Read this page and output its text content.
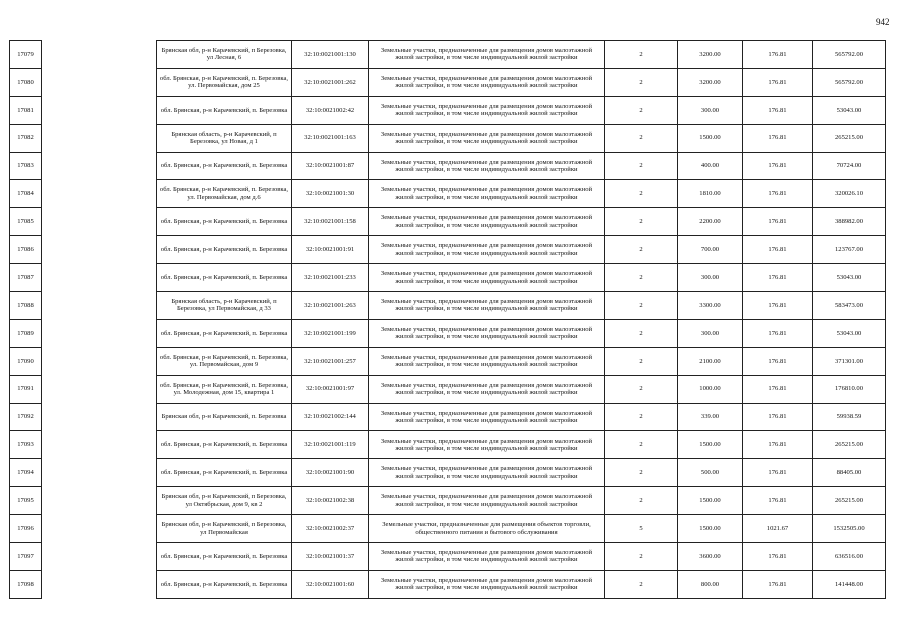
942
17079		Брянская обл, р-н Карачевский, п Березовка, ул Лесная, 6	32:10:0021001:130	Земельные участки, предназначенные для размещения домов малоэтажной жилой застройки, в том числе индивидуальной жилой застройки	2	3200.00	176.81	565792.00
17080		обл. Брянская, р-н Карачевский, п. Березовка, ул. Первомайская, дом 25	32:10:0021001:262	Земельные участки, предназначенные для размещения домов малоэтажной жилой застройки, в том числе индивидуальной жилой застройки	2	3200.00	176.81	565792.00
17081		обл. Брянская, р-н Карачевский, п. Березовка	32:10:0021002:42	Земельные участки, предназначенные для размещения домов малоэтажной жилой застройки, в том числе индивидуальной жилой застройки	2	300.00	176.81	53043.00
17082		Брянская область, р-н Карачевский, п Березовка, ул Новая, д 1	32:10:0021001:163	Земельные участки, предназначенные для размещения домов малоэтажной жилой застройки, в том числе индивидуальной жилой застройки	2	1500.00	176.81	265215.00
17083		обл. Брянская, р-н Карачевский, п. Березовка	32:10:0021001:87	Земельные участки, предназначенные для размещения домов малоэтажной жилой застройки, в том числе индивидуальной жилой застройки	2	400.00	176.81	70724.00
17084		обл. Брянская, р-н Карачевский, п. Березовка, ул. Первомайская, дом д.6	32:10:0021001:30	Земельные участки, предназначенные для размещения домов малоэтажной жилой застройки, в том числе индивидуальной жилой застройки	2	1810.00	176.81	320026.10
17085		обл. Брянская, р-н Карачевский, п. Березовка	32:10:0021001:158	Земельные участки, предназначенные для размещения домов малоэтажной жилой застройки, в том числе индивидуальной жилой застройки	2	2200.00	176.81	388982.00
17086		обл. Брянская, р-н Карачевский, п. Березовка	32:10:0021001:91	Земельные участки, предназначенные для размещения домов малоэтажной жилой застройки, в том числе индивидуальной жилой застройки	2	700.00	176.81	123767.00
17087		обл. Брянская, р-н Карачевский, п. Березовка	32:10:0021001:233	Земельные участки, предназначенные для размещения домов малоэтажной жилой застройки, в том числе индивидуальной жилой застройки	2	300.00	176.81	53043.00
17088		Брянская область, р-н Карачевский, п Березовка, ул Первомайская, д 33	32:10:0021001:263	Земельные участки, предназначенные для размещения домов малоэтажной жилой застройки, в том числе индивидуальной жилой застройки	2	3300.00	176.81	583473.00
17089		обл. Брянская, р-н Карачевский, п. Березовка	32:10:0021001:199	Земельные участки, предназначенные для размещения домов малоэтажной жилой застройки, в том числе индивидуальной жилой застройки	2	300.00	176.81	53043.00
17090		обл. Брянская, р-н Карачевский, п. Березовка, ул. Первомайская, дом 9	32:10:0021001:257	Земельные участки, предназначенные для размещения домов малоэтажной жилой застройки, в том числе индивидуальной жилой застройки	2	2100.00	176.81	371301.00
17091		обл. Брянская, р-н Карачевский, п. Березовка, ул. Молодежная, дом 15, квартира 1	32:10:0021001:97	Земельные участки, предназначенные для размещения домов малоэтажной жилой застройки, в том числе индивидуальной жилой застройки	2	1000.00	176.81	176810.00
17092		Брянская обл, р-н Карачевский, п. Березовка	32:10:0021002:144	Земельные участки, предназначенные для размещения домов малоэтажной жилой застройки, в том числе индивидуальной жилой застройки	2	339.00	176.81	59938.59
17093		обл. Брянская, р-н Карачевский, п. Березовка	32:10:0021001:119	Земельные участки, предназначенные для размещения домов малоэтажной жилой застройки, в том числе индивидуальной жилой застройки	2	1500.00	176.81	265215.00
17094		обл. Брянская, р-н Карачевский, п. Березовка	32:10:0021001:90	Земельные участки, предназначенные для размещения домов малоэтажной жилой застройки, в том числе индивидуальной жилой застройки	2	500.00	176.81	88405.00
17095		Брянская обл, р-н Карачевский, п Березовка, ул Октябрьская, дом 9, кв 2	32:10:0021002:38	Земельные участки, предназначенные для размещения домов малоэтажной жилой застройки, в том числе индивидуальной жилой застройки	2	1500.00	176.81	265215.00
17096		Брянская обл, р-н Карачевский, п Березовка, ул Первомайская	32:10:0021002:37	Земельные участки, предназначенные для размещения объектов торговли, общественного питания и бытового обслуживания	5	1500.00	1021.67	1532505.00
17097		обл. Брянская, р-н Карачевский, п. Березовка	32:10:0021001:37	Земельные участки, предназначенные для размещения домов малоэтажной жилой застройки, в том числе индивидуальной жилой застройки	2	3600.00	176.81	636516.00
17098		обл. Брянская, р-н Карачевский, п. Березовка	32:10:0021001:60	Земельные участки, предназначенные для размещения домов малоэтажной жилой застройки, в том числе индивидуальной жилой застройки	2	800.00	176.81	141448.00
